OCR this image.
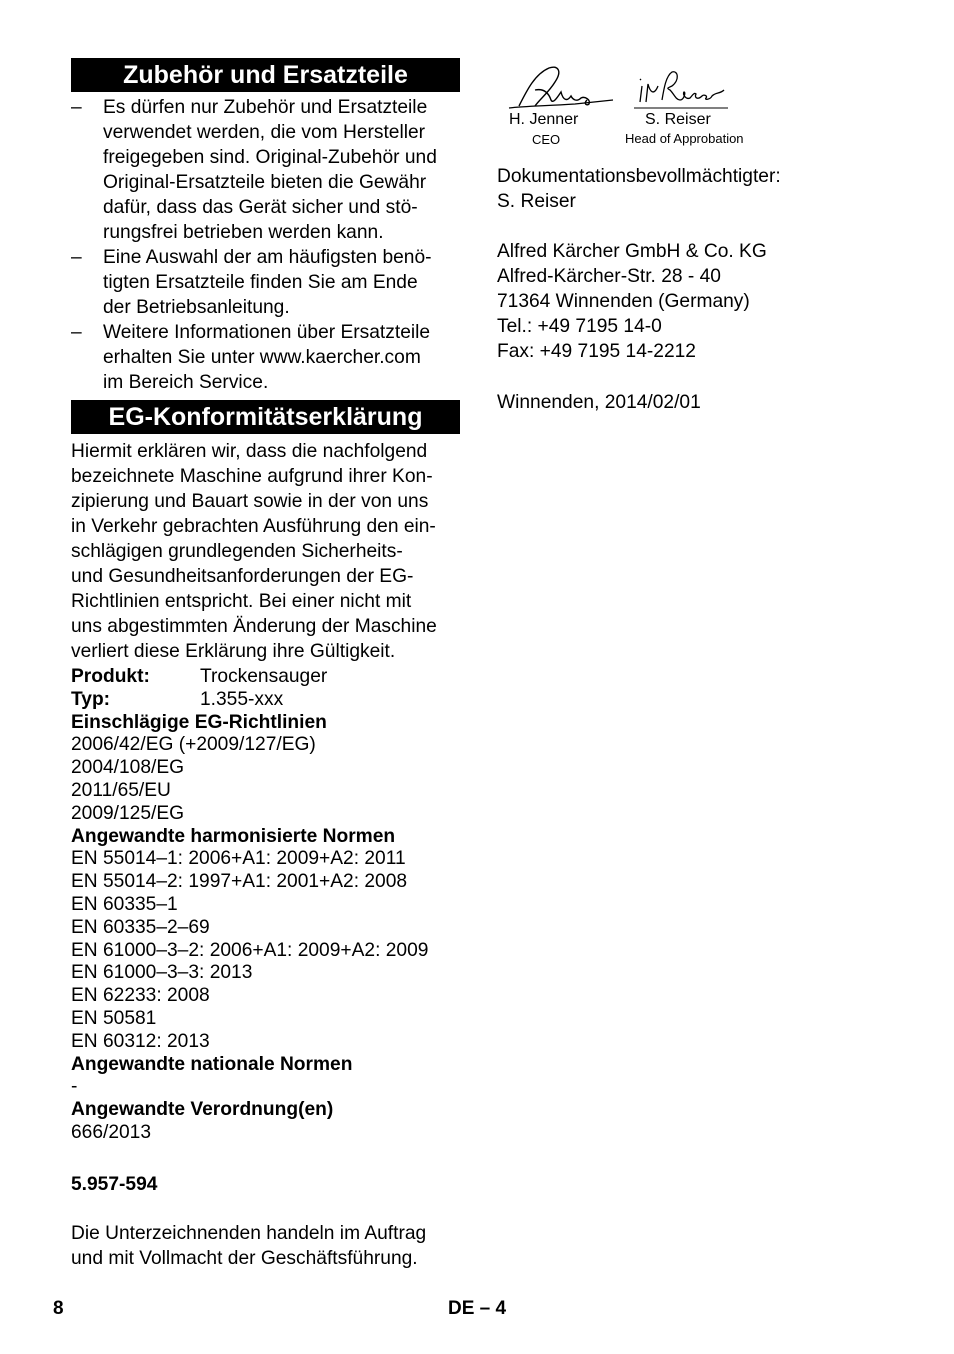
Zubehör und Ersatzteile
– Es dürfen nur Zubehör und Ersatzteile
verwendet werden, die vom Hersteller
freigegeben sind. Original-Zubehör und
Original-Ersatzteile bieten die Gewähr
dafür, dass das Gerät sicher und stö-
rungsfrei betrieben werden kann.
– Eine Auswahl der am häufigsten benö-
tigten Ersatzteile finden Sie am Ende
der Betriebsanleitung.
– Weitere Informationen über Ersatzteile
erhalten Sie unter www.kaercher.com
im Bereich Service.
EG-Konformitätserklärung
Hiermit erklären wir, dass die nachfolgend
bezeichnete Maschine aufgrund ihrer Kon-
zipierung und Bauart sowie in der von uns
in Verkehr gebrachten Ausführung den ein-
schlägigen grundlegenden Sicherheits-
und Gesundheitsanforderungen der EG-
Richtlinien entspricht. Bei einer nicht mit
uns abgestimmten Änderung der Maschine
verliert diese Erklärung ihre Gültigkeit.
Produkt:	Trockensauger
Typ:	1.355-xxx
Einschlägige EG-Richtlinien
2006/42/EG (+2009/127/EG)
2004/108/EG
2011/65/EU
2009/125/EG
Angewandte harmonisierte Normen
EN 55014–1: 2006+A1: 2009+A2: 2011
EN 55014–2: 1997+A1: 2001+A2: 2008
EN 60335–1
EN 60335–2–69
EN 61000–3–2: 2006+A1: 2009+A2: 2009
EN 61000–3–3: 2013
EN 62233: 2008
EN 50581
EN 60312: 2013
Angewandte nationale Normen
-
Angewandte Verordnung(en)
666/2013
5.957-594
Die Unterzeichnenden handeln im Auftrag
und mit Vollmacht der Geschäftsführung.
H. Jenner
CEO
S. Reiser
Head of Approbation
Dokumentationsbevollmächtigter:
S. Reiser
Alfred Kärcher GmbH & Co. KG
Alfred-Kärcher-Str. 28 - 40
71364 Winnenden (Germany)
Tel.: +49 7195 14-0
Fax: +49 7195 14-2212
Winnenden, 2014/02/01
8	DE – 4
